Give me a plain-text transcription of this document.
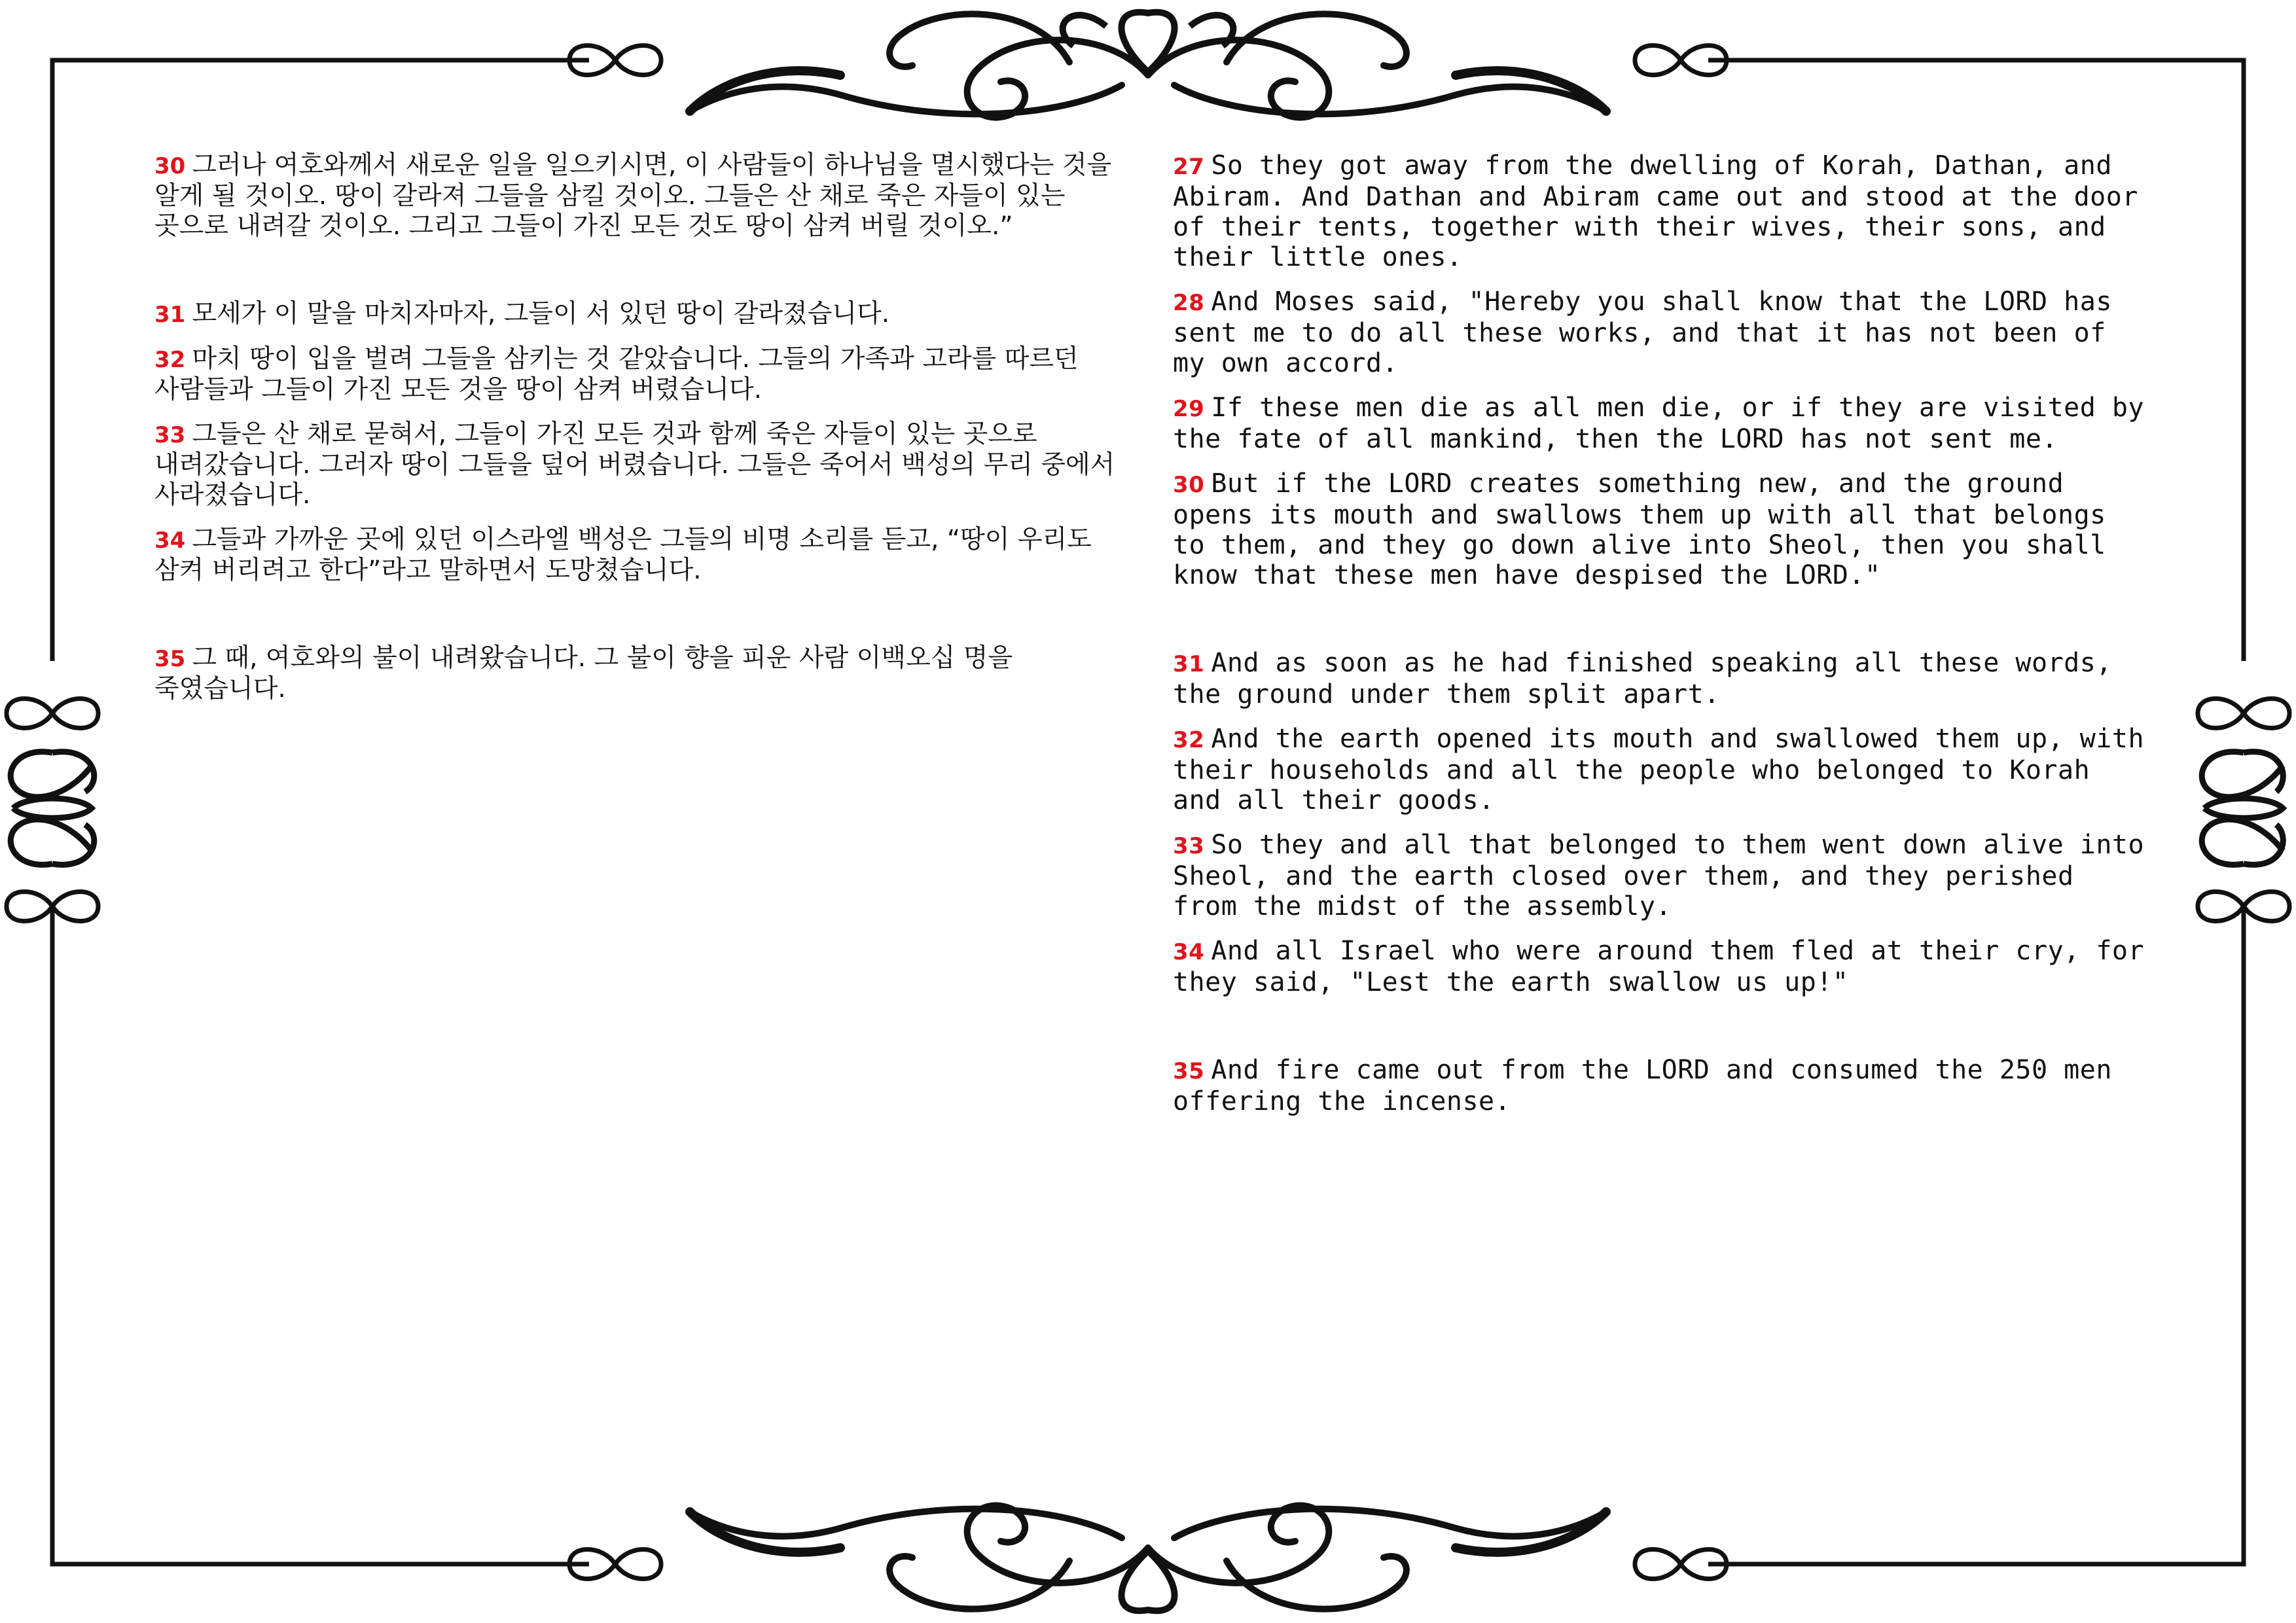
30 그러나 여호와께서 새로운 일을 일으키시면, 이 사람들이 하나님을 멸시했다는 것을 알게 될 것이오. 땅이 갈라져 그들을 삼킬 것이오. 그들은 산 채로 죽은 자들이 있는 곳으로 내려갈 것이오. 그리고 그들이 가진 모든 것도 땅이 삼켜 버릴 것이오.”

31 모세가 이 말을 마치자마자, 그들이 서 있던 땅이 갈라졌습니다.

32 마치 땅이 입을 벌려 그들을 삼키는 것 같았습니다. 그들의 가족과 고라를 따르던 사람들과 그들이 가진 모든 것을 땅이 삼켜 버렸습니다.

33 그들은 산 채로 묻혀서, 그들이 가진 모든 것과 함께 죽은 자들이 있는 곳으로 내려갔습니다. 그러자 땅이 그들을 덮어 버렸습니다. 그들은 죽어서 백성의 무리 중에서 사라졌습니다.

34 그들과 가까운 곳에 있던 이스라엘 백성은 그들의 비명 소리를 듣고, “땅이 우리도 삼켜 버리려고 한다”라고 말하면서 도망쳤습니다.

35 그 때, 여호와의 불이 내려왔습니다. 그 불이 향을 피운 사람 이백오십 명을 죽였습니다.

27 So they got away from the dwelling of Korah, Dathan, and Abiram. And Dathan and Abiram came out and stood at the door of their tents, together with their wives, their sons, and their little ones.

28 And Moses said, "Hereby you shall know that the LORD has sent me to do all these works, and that it has not been of my own accord.

29 If these men die as all men die, or if they are visited by the fate of all mankind, then the LORD has not sent me.

30 But if the LORD creates something new, and the ground opens its mouth and swallows them up with all that belongs to them, and they go down alive into Sheol, then you shall know that these men have despised the LORD."

31 And as soon as he had finished speaking all these words, the ground under them split apart.

32 And the earth opened its mouth and swallowed them up, with their households and all the people who belonged to Korah and all their goods.

33 So they and all that belonged to them went down alive into Sheol, and the earth closed over them, and they perished from the midst of the assembly.

34 And all Israel who were around them fled at their cry, for they said, "Lest the earth swallow us up!"

35 And fire came out from the LORD and consumed the 250 men offering the incense.
